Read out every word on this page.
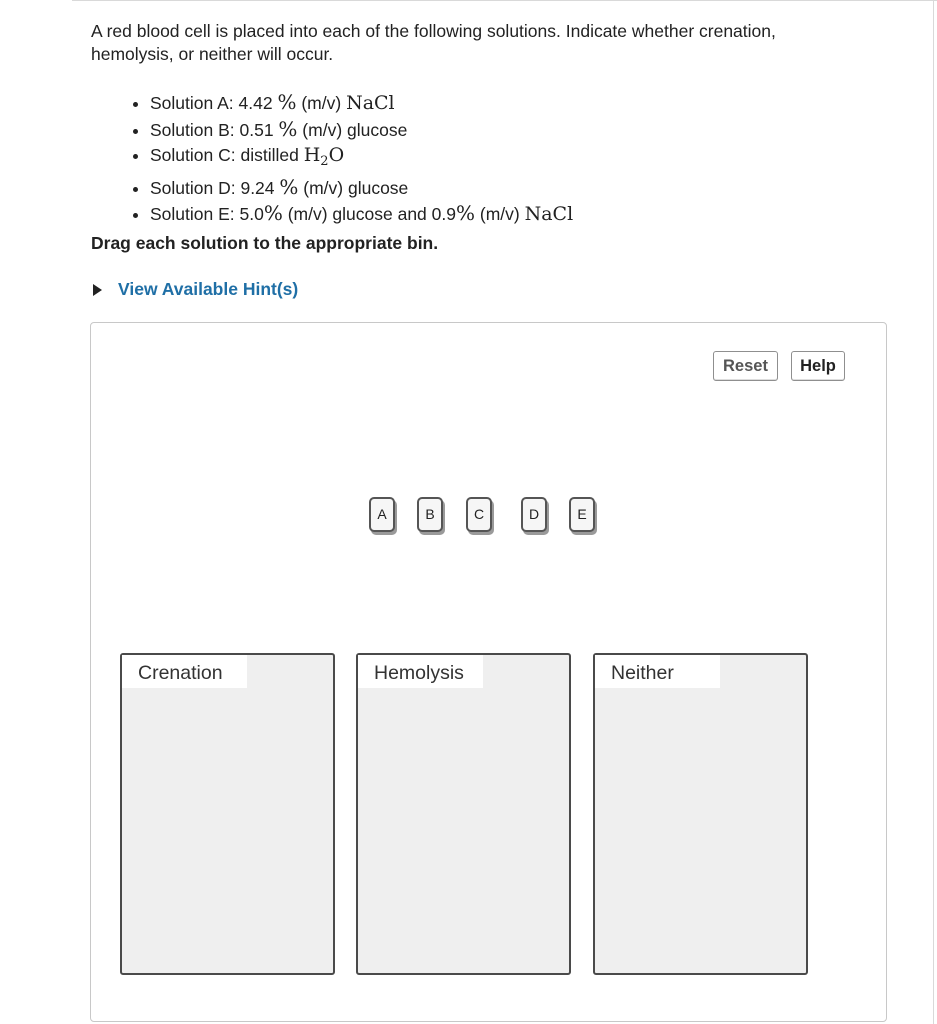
A red blood cell is placed into each of the following solutions. Indicate whether crenation,
hemolysis, or neither will occur.
• Solution A: 4.42 % (m/v) NaCl
• Solution B: 0.51 % (m/v) glucose
• Solution C: distilled $H_2O$
• Solution D: 9.24 % (m/v) glucose
• Solution E: 5.0% (m/v) glucose and 0.9% (m/v) NaCl
Drag each solution to the appropriate bin.
View Available Hint(s)
Reset	Help
A	B	C	D	E
Crenation	Hemolysis	Neither
